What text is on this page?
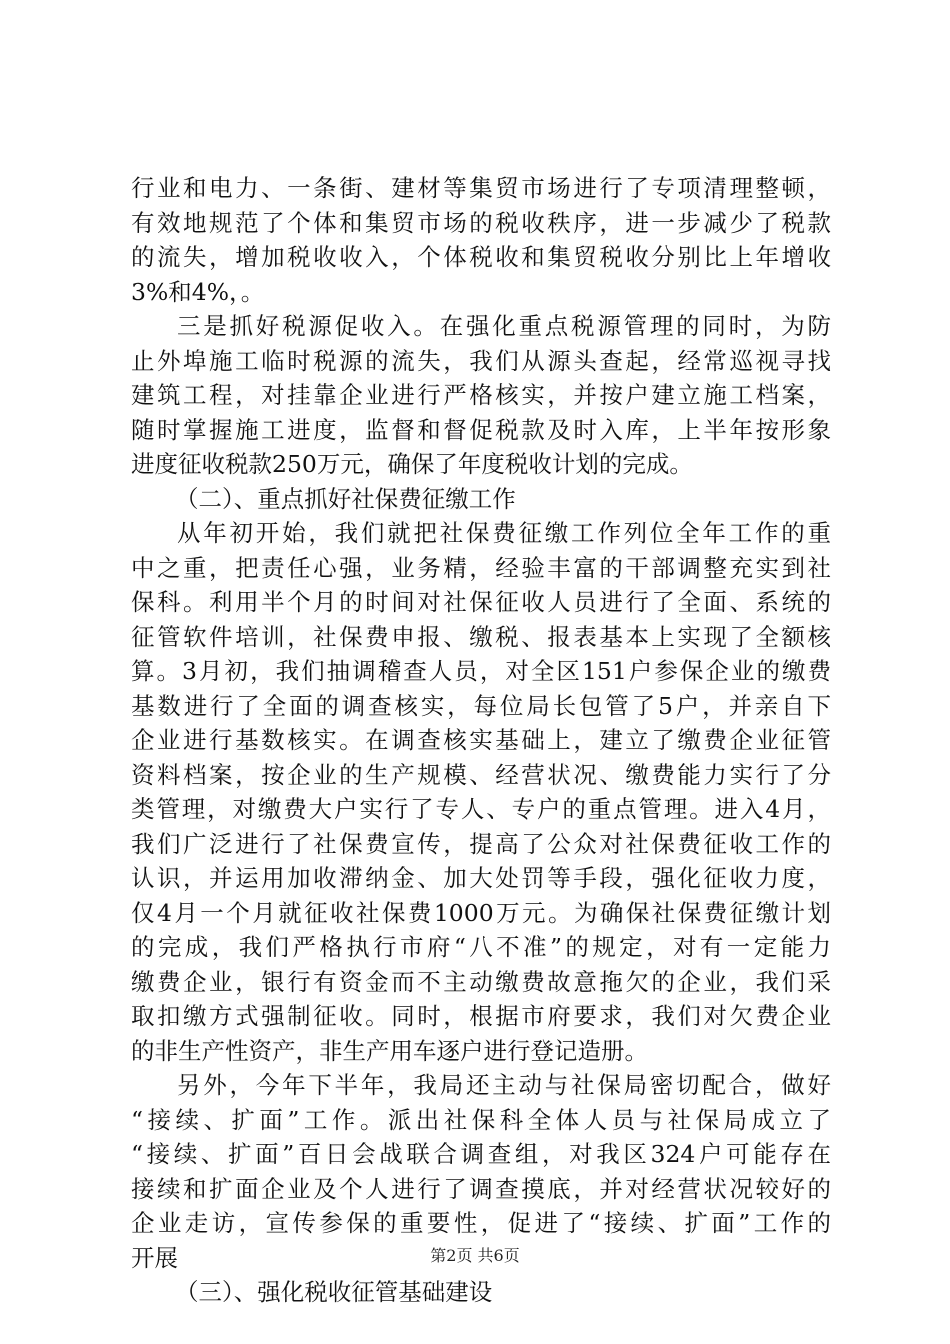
行业和电力、一条街、建材等集贸市场进行了专项清理整顿，
有效地规范了个体和集贸市场的税收秩序，进一步减少了税款
的流失，增加税收收入，个体税收和集贸税收分别比上年增收
3%和4%，。
三是抓好税源促收入。在强化重点税源管理的同时，为防
止外埠施工临时税源的流失，我们从源头查起，经常巡视寻找
建筑工程，对挂靠企业进行严格核实，并按户建立施工档案，
随时掌握施工进度，监督和督促税款及时入库，上半年按形象
进度征收税款250万元，确保了年度税收计划的完成。
（二）、重点抓好社保费征缴工作
从年初开始，我们就把社保费征缴工作列位全年工作的重
中之重，把责任心强，业务精，经验丰富的干部调整充实到社
保科。利用半个月的时间对社保征收人员进行了全面、系统的
征管软件培训，社保费申报、缴税、报表基本上实现了全额核
算。3月初，我们抽调稽查人员，对全区151户参保企业的缴费
基数进行了全面的调查核实，每位局长包管了5户，并亲自下
企业进行基数核实。在调查核实基础上，建立了缴费企业征管
资料档案，按企业的生产规模、经营状况、缴费能力实行了分
类管理，对缴费大户实行了专人、专户的重点管理。进入4月，
我们广泛进行了社保费宣传，提高了公众对社保费征收工作的
认识，并运用加收滞纳金、加大处罚等手段，强化征收力度，
仅4月一个月就征收社保费1000万元。为确保社保费征缴计划
的完成，我们严格执行市府“八不准”的规定，对有一定能力
缴费企业，银行有资金而不主动缴费故意拖欠的企业，我们采
取扣缴方式强制征收。同时，根据市府要求，我们对欠费企业
的非生产性资产，非生产用车逐户进行登记造册。
另外，今年下半年，我局还主动与社保局密切配合，做好
“接续、扩面”工作。派出社保科全体人员与社保局成立了
“接续、扩面”百日会战联合调查组，对我区324户可能存在
接续和扩面企业及个人进行了调查摸底，并对经营状况较好的
企业走访，宣传参保的重要性，促进了“接续、扩面”工作的
开展
（三）、强化税收征管基础建设
第2页 共6页
